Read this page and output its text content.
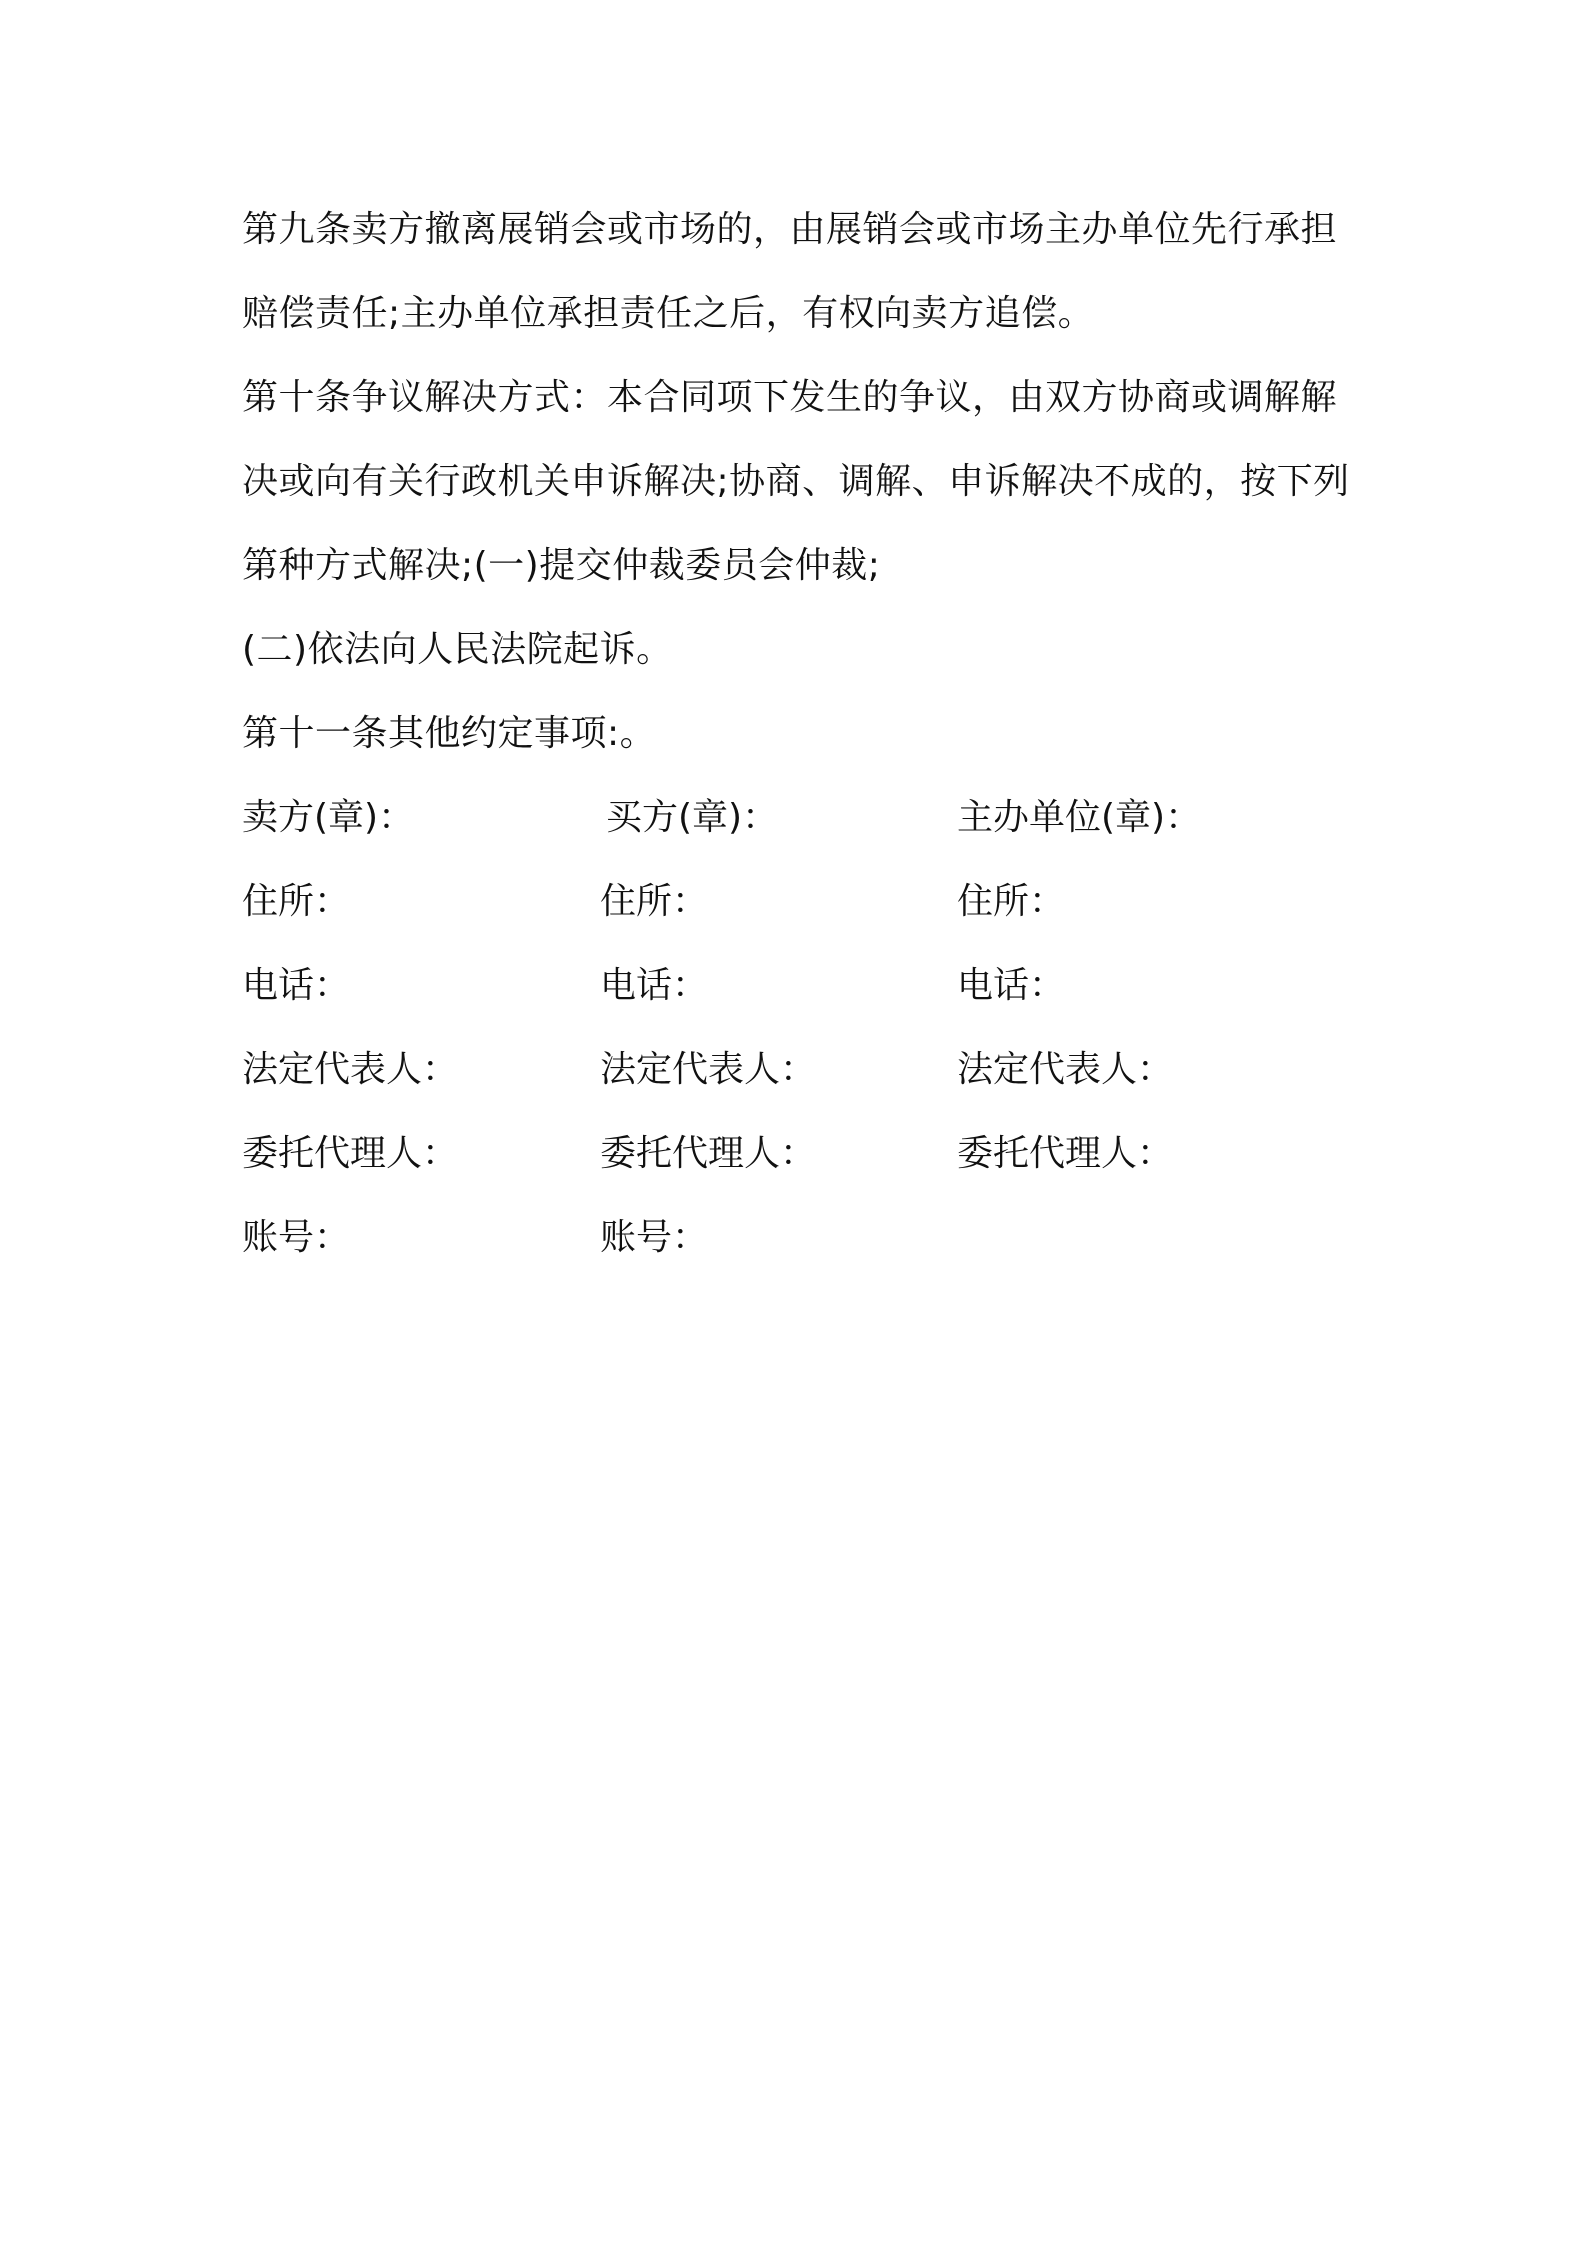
第九条卖方撤离展销会或市场的，由展销会或市场主办单位先行承担赔偿责任;主办单位承担责任之后，有权向卖方追偿。

第十条争议解决方式：本合同项下发生的争议，由双方协商或调解解决或向有关行政机关申诉解决;协商、调解、申诉解决不成的，按下列第种方式解决;(一)提交仲裁委员会仲裁;

(二)依法向人民法院起诉。

第十一条其他约定事项:。

卖方(章)：	买方(章)：	主办单位(章)：
住所：	住所：	住所：
电话：	电话：	电话：
法定代表人：	法定代表人：	法定代表人：
委托代理人：	委托代理人：	委托代理人：
账号：	账号：
